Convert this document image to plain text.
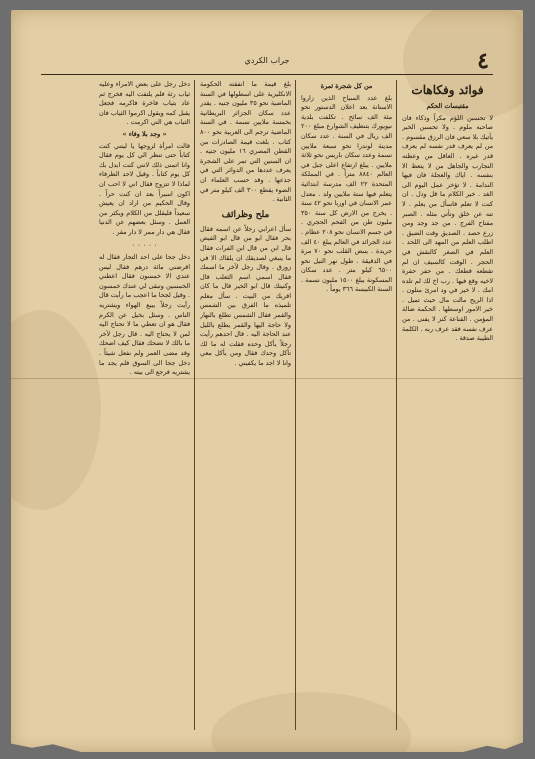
٤
جراب الكردي
فوائد وفكاهات
مقتبسات الحكم

لا تحسبن اللؤم مكراً وذكاء فان صاحبه ملوم . ولا تحسبن الخير يأتيك بلا سعي فان الرزق مقسوم . من لم يعرف قدر نفسه لم يعرف قدر غيره . العاقل من وعظته التجارب والجاهل من لا يتعظ الا بنفسه . اياك والعجلة فان فيها الندامة . لا تؤخر عمل اليوم الى الغد . خير الكلام ما قل ودل . ان كنت لا تعلم فاسأل من يعلم . لا تنه عن خلق وتأتي مثله . الصبر مفتاح الفرج . من جد وجد ومن زرع حصد . الصديق وقت الضيق . اطلب العلم من المهد الى اللحد . العلم في الصغر كالنقش في الحجر . الوقت كالسيف ان لم تقطعه قطعك . من حفر حفرة لاخيه وقع فيها . رب اخ لك لم تلده امك . لا خير في ود امرئ متلون . اذا الريح مالت مال حيث تميل . خير الامور اوسطها . الحكمة ضالة المؤمن . القناعة كنز لا يفنى . من عرف نفسه فقد عرف ربه . الكلمة الطيبة صدقة .

من كل شجرة ثمرة

بلغ عدد السياح الذين زاروا الاستانة بعد اعلان الدستور نحو مئة الف سائح . تكلفت بلدية نيويورك بتنظيف الشوارع مبلغ ٢٠٠ الف ريال في السنة . عدد سكان مدينة لوندرا نحو سبعة ملايين نسمة وعدد سكان باريس نحو ثلاثة ملايين . يبلغ ارتفاع اعلى جبل في العالم ٨٨٤٠ متراً . في المملكة المتحدة ٢٢ الف مدرسة ابتدائية يتعلم فيها ستة ملايين ولد . معدل عمر الانسان في اوربا نحو ٤٢ سنة . يخرج من الارض كل سنة ٣٥٠ مليون طن من الفحم الحجري . في جسم الانسان نحو ٢٠٨ عظام . عدد الجرائد في العالم يبلغ ٤٠ الف جريدة . ينبض القلب نحو ٧٠ مرة في الدقيقة . طول نهر النيل نحو ٦٥٠٠ كيلو متر . عدد سكان المسكونة يبلغ ١٥٠٠ مليون نسمة . السنة الكبيسة ٣٦٦ يوماً .

بلغ قيمة ما انفقته الحكومة الانكليزية على اسطولها في السنة الماضية نحو ٣٥ مليون جنيه . يقدر عدد سكان الجزائر البريطانية بخمسة ملايين نسمة . في السنة الماضية ترجم الى العربية نحو ٨٠٠ كتاب . بلغت قيمة الصادرات من القطن المصري ١٦ مليون جنيه . ان السنين التي تمر على الشجرة يعرف عددها من الدوائر التي في جذعها . وقد حسب العلماء ان الضوء يقطع ٣٠٠ الف كيلو متر في الثانية .

ملح وظرائف

سأل اعرابي رجلاً عن اسمه فقال بحر فقال ابو من قال ابو الفيض قال ابن من قال ابن الفرات فقال ما ينبغي لصديقك ان يلقاك الا في زورق . وقال رجل لآخر ما اسمك فقال اسمي اسم الثعلب قال وكنيتك قال ابو الخير قال ما كان اقربك من البيت . سأل معلم تلميذه ما الفرق بين الشمس والقمر فقال الشمس تطلع بالنهار ولا حاجة اليها والقمر يطلع بالليل عند الحاجة اليه . قال احدهم رأيت رجلاً يأكل وحده فقلت له ما لك تأكل وحدك فقال ومن يأكل معي وانا لا اجد ما يكفيني .

دخل رجل على بعض الامراء وعليه ثياب رثة فلم يلتفت اليه فخرج ثم عاد بثياب فاخرة فاكرمه فجعل يقبل كمه ويقول اكرموا الثياب فان الثياب هي التي اكرمت .

« وجد بلا وفاء »

قالت امرأة لزوجها يا ليتني كنت كتاباً حتى تنظر الي كل يوم فقال وانا اتمنى ذلك لانني كنت ابدل بك كل يوم كتاباً . وقيل لاحد الظرفاء لماذا لا تتزوج فقال اني لا احب ان اكون اسيراً بعد ان كنت حراً . وقال الحكيم من اراد ان يعيش سعيداً فليقلل من الكلام ويكثر من العمل . وسئل بعضهم عن الدنيا فقال هي دار ممر لا دار مقر .

٠ ٠ ٠ ٠ ٠

دخل جحا على احد التجار فقال له اقرضني مائة درهم فقال ليس عندي الا خمسون فقال اعطني الخمسين وتبقى لي عندك خمسون . وقيل لجحا ما اعجب ما رأيت قال رأيت رجلاً يبيع الهواء ويشتريه الناس . وسئل بخيل عن الكرم فقال هو ان تعطي ما لا تحتاج اليه لمن لا يحتاج اليه . قال رجل لآخر ما بالك لا تضحك فقال كيف اضحك وقد مضى العمر ولم نفعل شيئاً . دخل جحا الى السوق فلم يجد ما يشتريه فرجع الى بيته .
